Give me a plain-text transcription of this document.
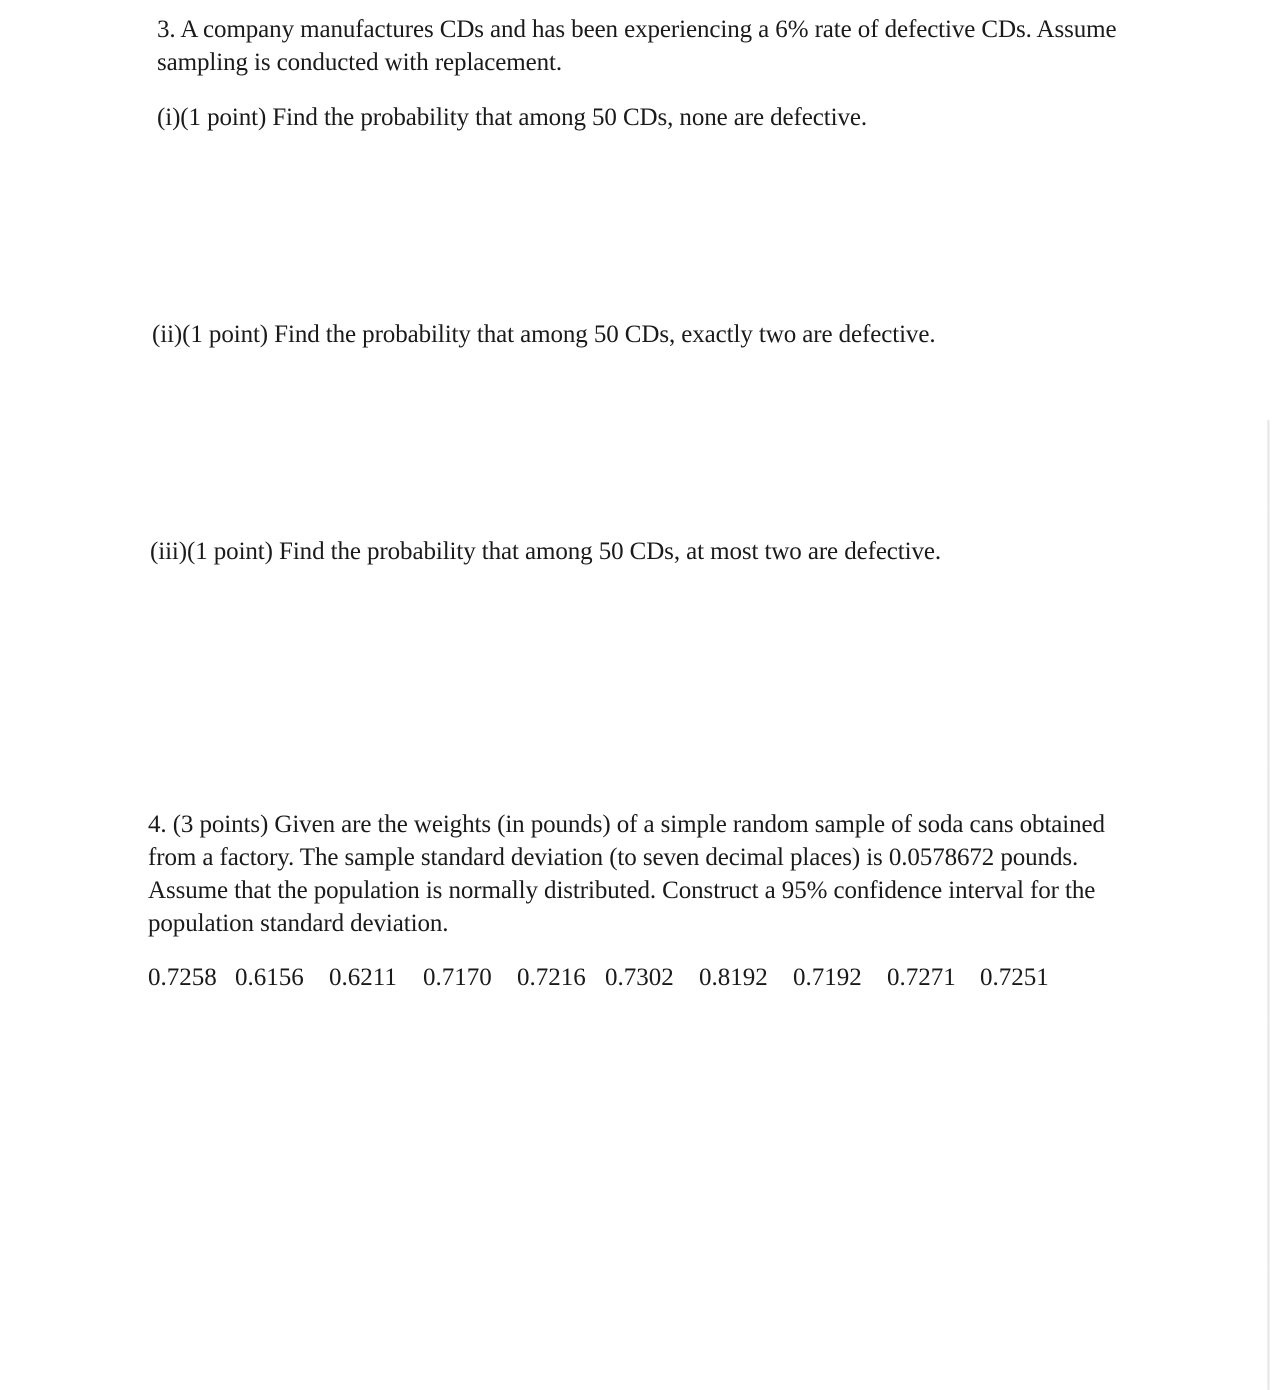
3. A company manufactures CDs and has been experiencing a 6% rate of defective CDs. Assume sampling is conducted with replacement.

(i)(1 point) Find the probability that among 50 CDs, none are defective.

(ii)(1 point) Find the probability that among 50 CDs, exactly two are defective.

(iii)(1 point) Find the probability that among 50 CDs, at most two are defective.

4. (3 points) Given are the weights (in pounds) of a simple random sample of soda cans obtained from a factory. The sample standard deviation (to seven decimal places) is 0.0578672 pounds. Assume that the population is normally distributed. Construct a 95% confidence interval for the population standard deviation.

0.7258 0.6156 0.6211 0.7170 0.7216 0.7302 0.8192 0.7192 0.7271 0.7251
